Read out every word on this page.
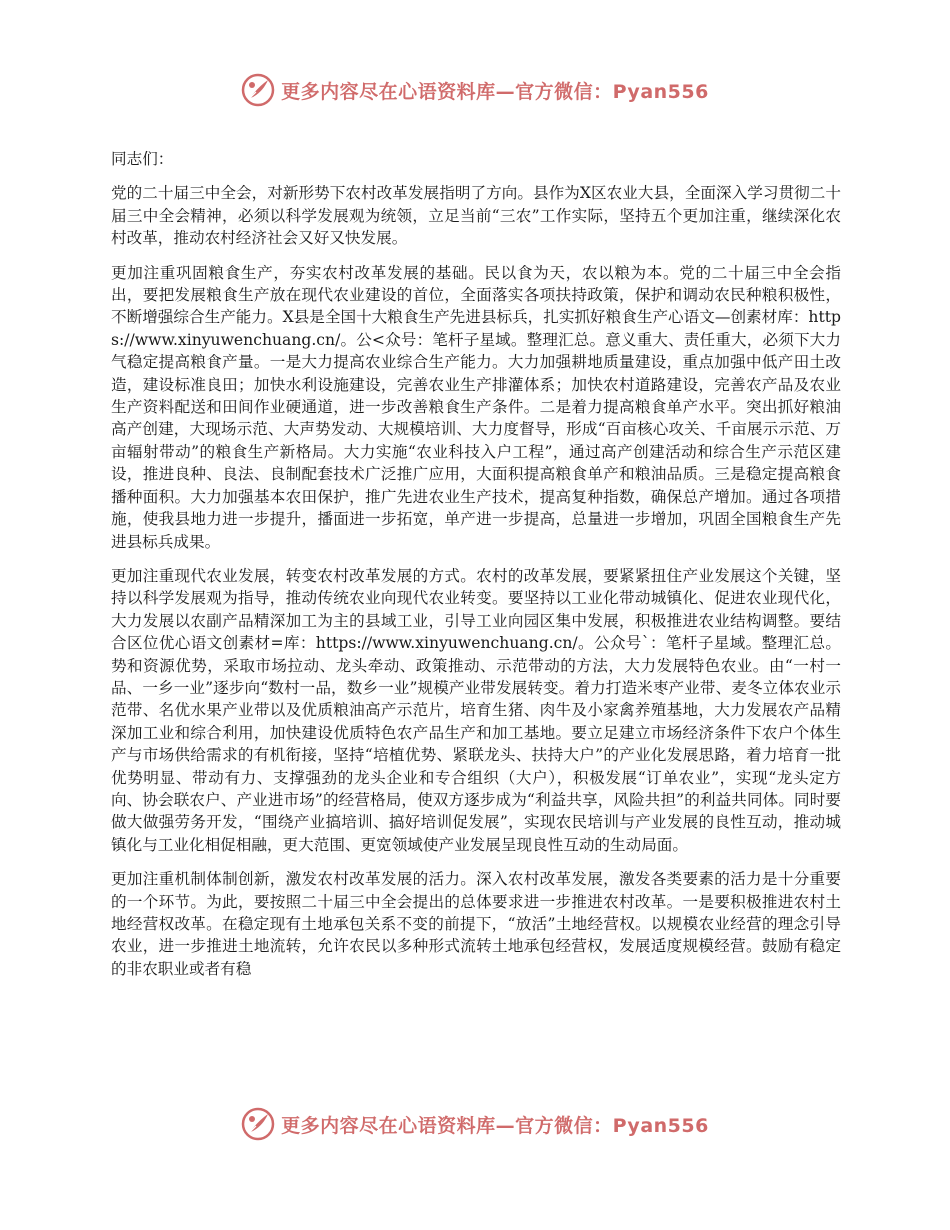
更多内容尽在心语资料库—官方微信：Pyan556

同志们：

党的二十届三中全会，对新形势下农村改革发展指明了方向。县作为X区农业大县，全面深入学习贯彻二十届三中全会精神，必须以科学发展观为统领，立足当前“三农”工作实际，坚持五个更加注重，继续深化农村改革，推动农村经济社会又好又快发展。

更加注重巩固粮食生产，夯实农村改革发展的基础。民以食为天，农以粮为本。党的二十届三中全会指出，要把发展粮食生产放在现代农业建设的首位，全面落实各项扶持政策，保护和调动农民种粮积极性，不断增强综合生产能力。X县是全国十大粮食生产先进县标兵，扎实抓好粮食生产心语文—创素材库：https://www.xinyuwenchuang.cn/。公<众号：笔杆子星域。整理汇总。意义重大、责任重大，必须下大力气稳定提高粮食产量。一是大力提高农业综合生产能力。大力加强耕地质量建设，重点加强中低产田土改造，建设标准良田；加快水利设施建设，完善农业生产排灌体系；加快农村道路建设，完善农产品及农业生产资料配送和田间作业硬通道，进一步改善粮食生产条件。二是着力提高粮食单产水平。突出抓好粮油高产创建，大现场示范、大声势发动、大规模培训、大力度督导，形成“百亩核心攻关、千亩展示示范、万亩辐射带动”的粮食生产新格局。大力实施“农业科技入户工程”，通过高产创建活动和综合生产示范区建设，推进良种、良法、良制配套技术广泛推广应用，大面积提高粮食单产和粮油品质。三是稳定提高粮食播种面积。大力加强基本农田保护，推广先进农业生产技术，提高复种指数，确保总产增加。通过各项措施，使我县地力进一步提升，播面进一步拓宽，单产进一步提高，总量进一步增加，巩固全国粮食生产先进县标兵成果。

更加注重现代农业发展，转变农村改革发展的方式。农村的改革发展，要紧紧扭住产业发展这个关键，坚持以科学发展观为指导，推动传统农业向现代农业转变。要坚持以工业化带动城镇化、促进农业现代化，大力发展以农副产品精深加工为主的县域工业，引导工业向园区集中发展，积极推进农业结构调整。要结合区位优心语文创素材=库：https://www.xinyuwenchuang.cn/。公众号`：笔杆子星域。整理汇总。势和资源优势，采取市场拉动、龙头牵动、政策推动、示范带动的方法，大力发展特色农业。由“一村一品、一乡一业”逐步向“数村一品，数乡一业”规模产业带发展转变。着力打造米枣产业带、麦冬立体农业示范带、名优水果产业带以及优质粮油高产示范片，培育生猪、肉牛及小家禽养殖基地，大力发展农产品精深加工业和综合利用，加快建设优质特色农产品生产和加工基地。要立足建立市场经济条件下农户个体生产与市场供给需求的有机衔接，坚持“培植优势、紧联龙头、扶持大户”的产业化发展思路，着力培育一批优势明显、带动有力、支撑强劲的龙头企业和专合组织（大户），积极发展“订单农业”，实现“龙头定方向、协会联农户、产业进市场”的经营格局，使双方逐步成为“利益共享，风险共担”的利益共同体。同时要做大做强劳务开发，“围绕产业搞培训、搞好培训促发展”，实现农民培训与产业发展的良性互动，推动城镇化与工业化相促相融，更大范围、更宽领域使产业发展呈现良性互动的生动局面。

更加注重机制体制创新，激发农村改革发展的活力。深入农村改革发展，激发各类要素的活力是十分重要的一个环节。为此，要按照二十届三中全会提出的总体要求进一步推进农村改革。一是要积极推进农村土地经营权改革。在稳定现有土地承包关系不变的前提下，“放活”土地经营权。以规模农业经营的理念引导农业，进一步推进土地流转，允许农民以多种形式流转土地承包经营权，发展适度规模经营。鼓励有稳定的非农职业或者有稳

更多内容尽在心语资料库—官方微信：Pyan556
